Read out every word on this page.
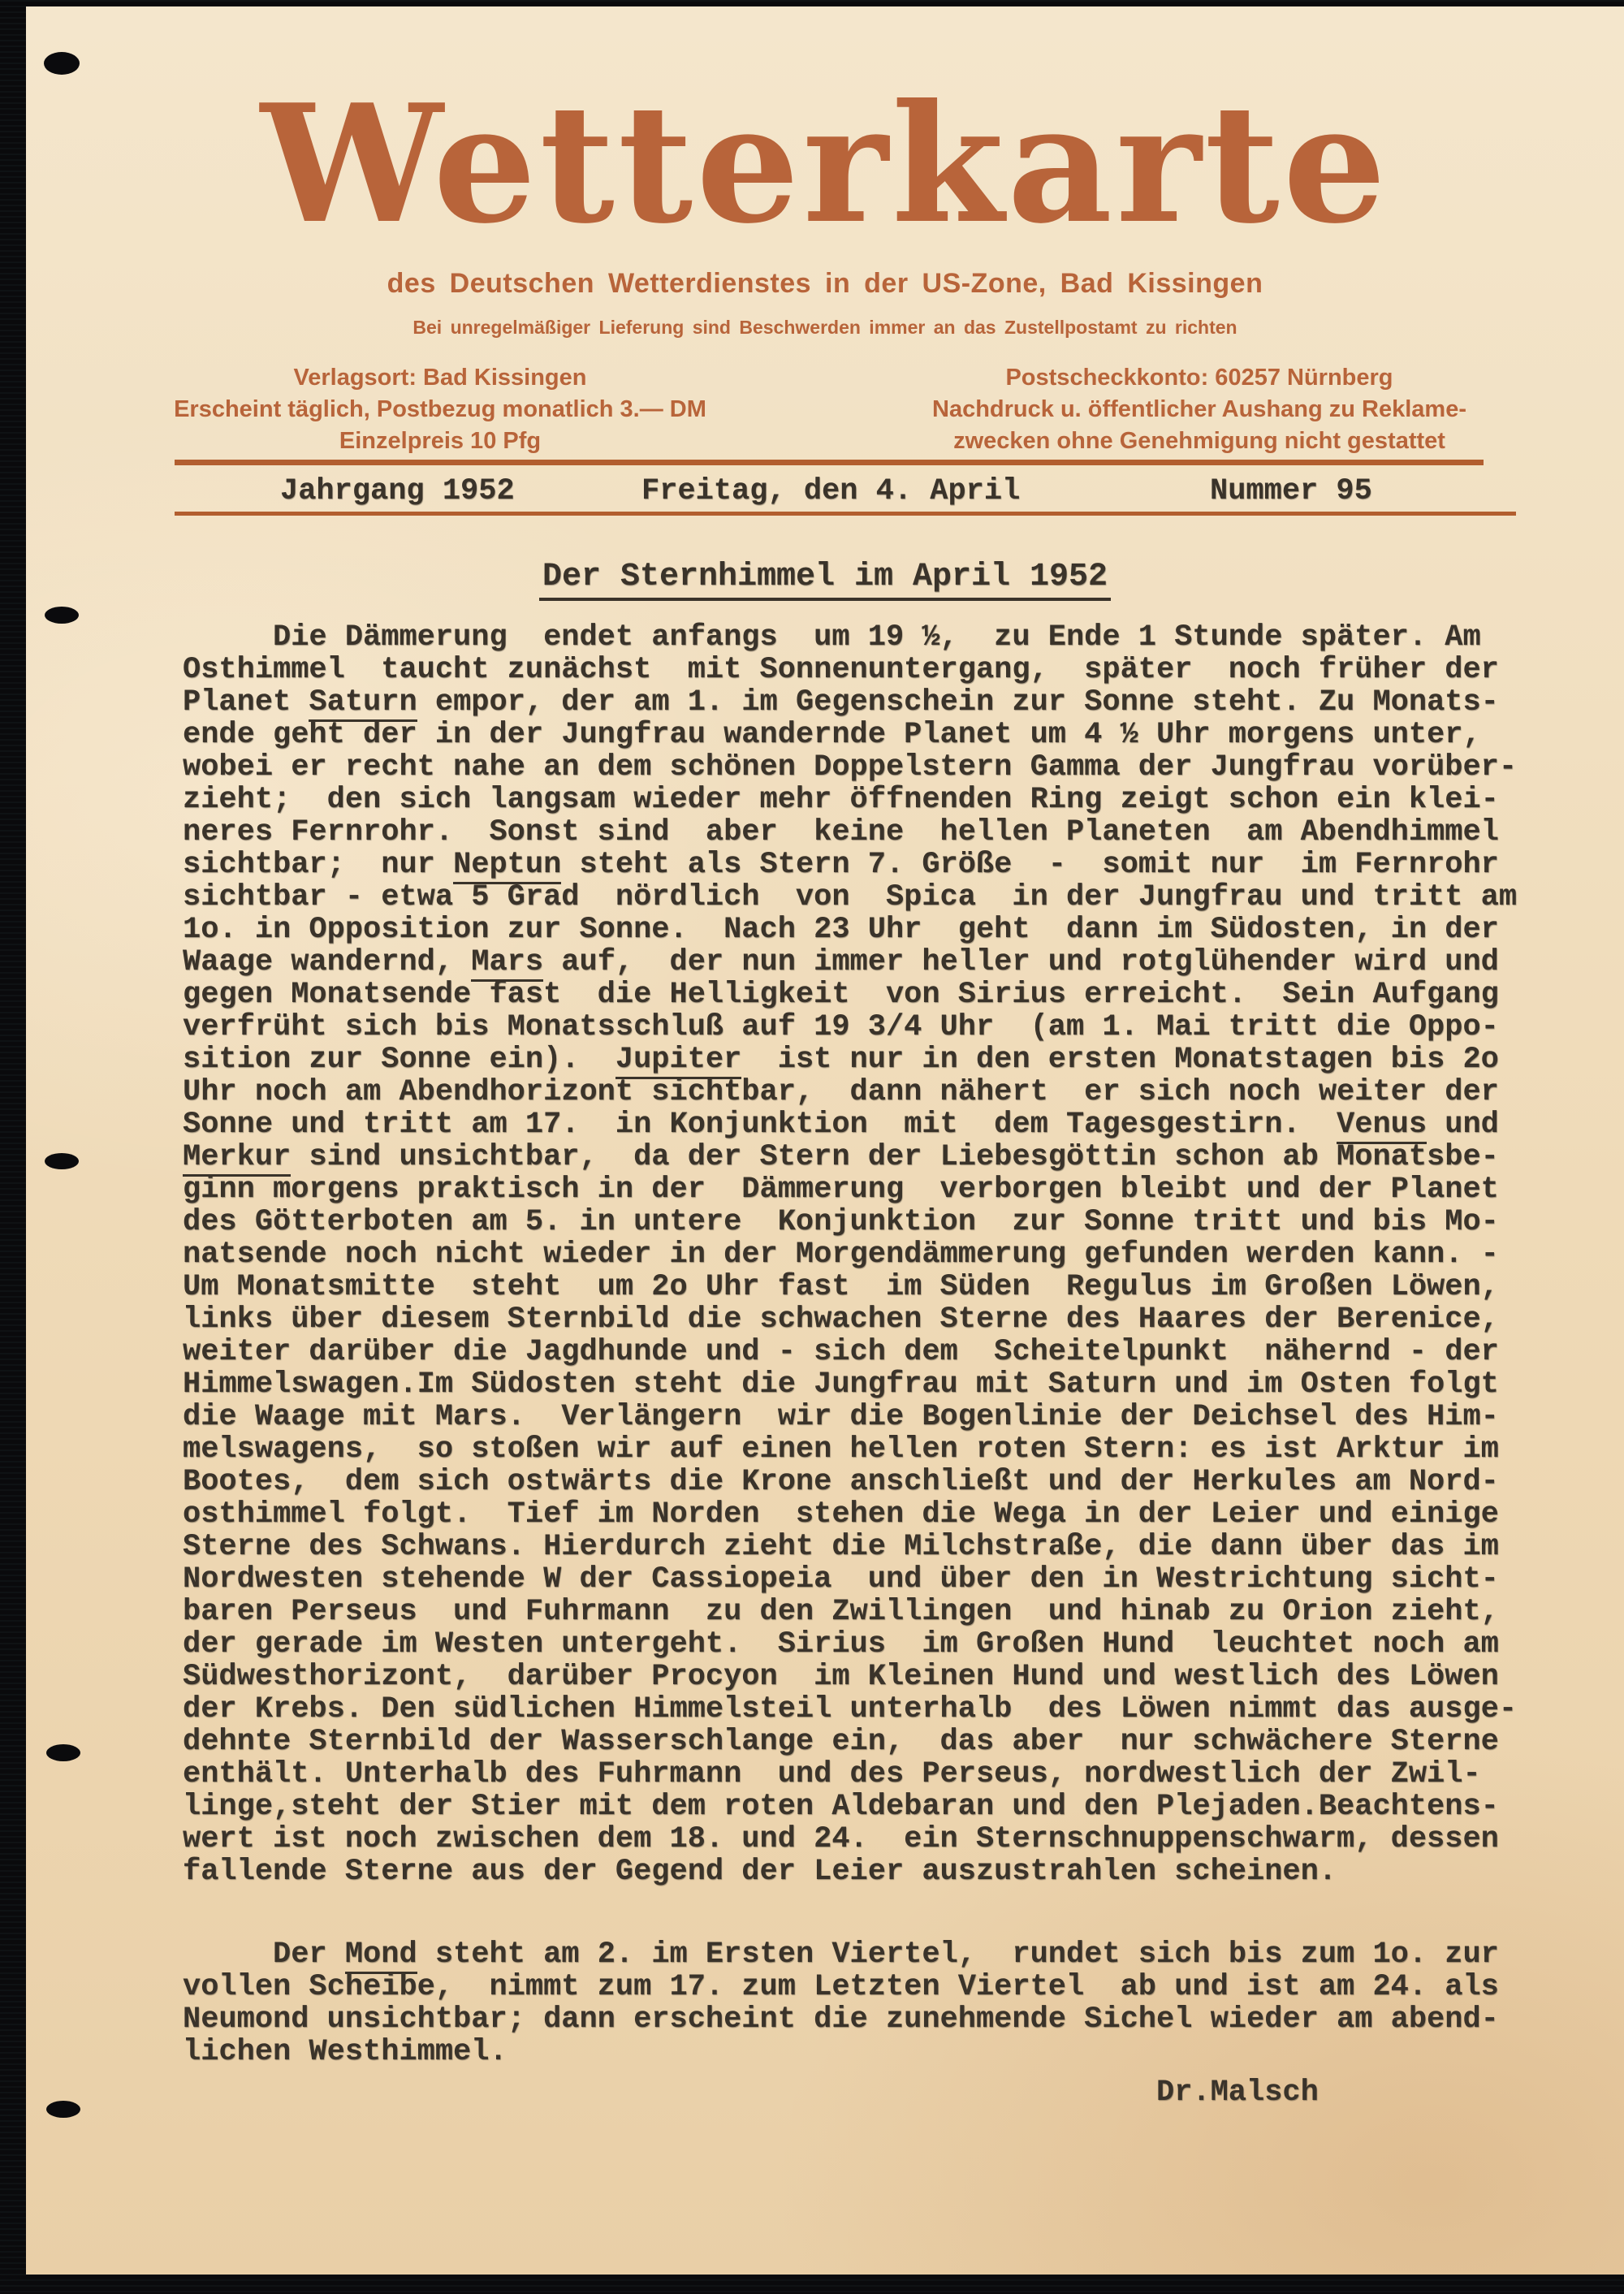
Wetterkarte
des Deutschen Wetterdienstes in der US-Zone, Bad Kissingen
Bei unregelmäßiger Lieferung sind Beschwerden immer an das Zustellpostamt zu richten
Verlagsort: Bad Kissingen
Erscheint täglich, Postbezug monatlich 3.— DM
Einzelpreis 10 Pfg
Postscheckkonto: 60257 Nürnberg
Nachdruck u. öffentlicher Aushang zu Reklame-
zwecken ohne Genehmigung nicht gestattet
Jahrgang 1952	Freitag, den 4. April	Nummer 95
Der Sternhimmel im April 1952
Die Dämmerung  endet anfangs  um 19 ½,  zu Ende 1 Stunde später. Am
Osthimmel  taucht zunächst  mit Sonnenuntergang,  später  noch früher der
Planet Saturn empor, der am 1. im Gegenschein zur Sonne steht. Zu Monats-
ende geht der in der Jungfrau wandernde Planet um 4 ½ Uhr morgens unter,
wobei er recht nahe an dem schönen Doppelstern Gamma der Jungfrau vorüber-
zieht;  den sich langsam wieder mehr öffnenden Ring zeigt schon ein klei-
neres Fernrohr.  Sonst sind  aber  keine  hellen Planeten  am Abendhimmel
sichtbar;  nur Neptun steht als Stern 7. Größe  -  somit nur  im Fernrohr
sichtbar - etwa 5 Grad  nördlich  von  Spica  in der Jungfrau und tritt am
1o. in Opposition zur Sonne.  Nach 23 Uhr  geht  dann im Südosten, in der
Waage wandernd, Mars auf,  der nun immer heller und rotglühender wird und
gegen Monatsende fast  die Helligkeit  von Sirius erreicht.  Sein Aufgang
verfrüht sich bis Monatsschluß auf 19 3/4 Uhr  (am 1. Mai tritt die Oppo-
sition zur Sonne ein).  Jupiter  ist nur in den ersten Monatstagen bis 2o
Uhr noch am Abendhorizont sichtbar,  dann nähert  er sich noch weiter der
Sonne und tritt am 17.  in Konjunktion  mit  dem Tagesgestirn.  Venus und
Merkur sind unsichtbar,  da der Stern der Liebesgöttin schon ab Monatsbe-
ginn morgens praktisch in der  Dämmerung  verborgen bleibt und der Planet
des Götterboten am 5. in untere  Konjunktion  zur Sonne tritt und bis Mo-
natsende noch nicht wieder in der Morgendämmerung gefunden werden kann. -
Um Monatsmitte  steht  um 2o Uhr fast  im Süden  Regulus im Großen Löwen,
links über diesem Sternbild die schwachen Sterne des Haares der Berenice,
weiter darüber die Jagdhunde und - sich dem  Scheitelpunkt  nähernd - der
Himmelswagen.Im Südosten steht die Jungfrau mit Saturn und im Osten folgt
die Waage mit Mars.  Verlängern  wir die Bogenlinie der Deichsel des Him-
melswagens,  so stoßen wir auf einen hellen roten Stern: es ist Arktur im
Bootes,  dem sich ostwärts die Krone anschließt und der Herkules am Nord-
osthimmel folgt.  Tief im Norden  stehen die Wega in der Leier und einige
Sterne des Schwans. Hierdurch zieht die Milchstraße, die dann über das im
Nordwesten stehende W der Cassiopeia  und über den in Westrichtung sicht-
baren Perseus  und Fuhrmann  zu den Zwillingen  und hinab zu Orion zieht,
der gerade im Westen untergeht.  Sirius  im Großen Hund  leuchtet noch am
Südwesthorizont,  darüber Procyon  im Kleinen Hund und westlich des Löwen
der Krebs. Den südlichen Himmelsteil unterhalb  des Löwen nimmt das ausge-
dehnte Sternbild der Wasserschlange ein,  das aber  nur schwächere Sterne
enthält. Unterhalb des Fuhrmann  und des Perseus, nordwestlich der Zwil-
linge,steht der Stier mit dem roten Aldebaran und den Plejaden.Beachtens-
wert ist noch zwischen dem 18. und 24.  ein Sternschnuppenschwarm, dessen
fallende Sterne aus der Gegend der Leier auszustrahlen scheinen.
Der Mond steht am 2. im Ersten Viertel,  rundet sich bis zum 1o. zur
vollen Scheibe,  nimmt zum 17. zum Letzten Viertel  ab und ist am 24. als
Neumond unsichtbar; dann erscheint die zunehmende Sichel wieder am abend-
lichen Westhimmel.
Dr.Malsch
